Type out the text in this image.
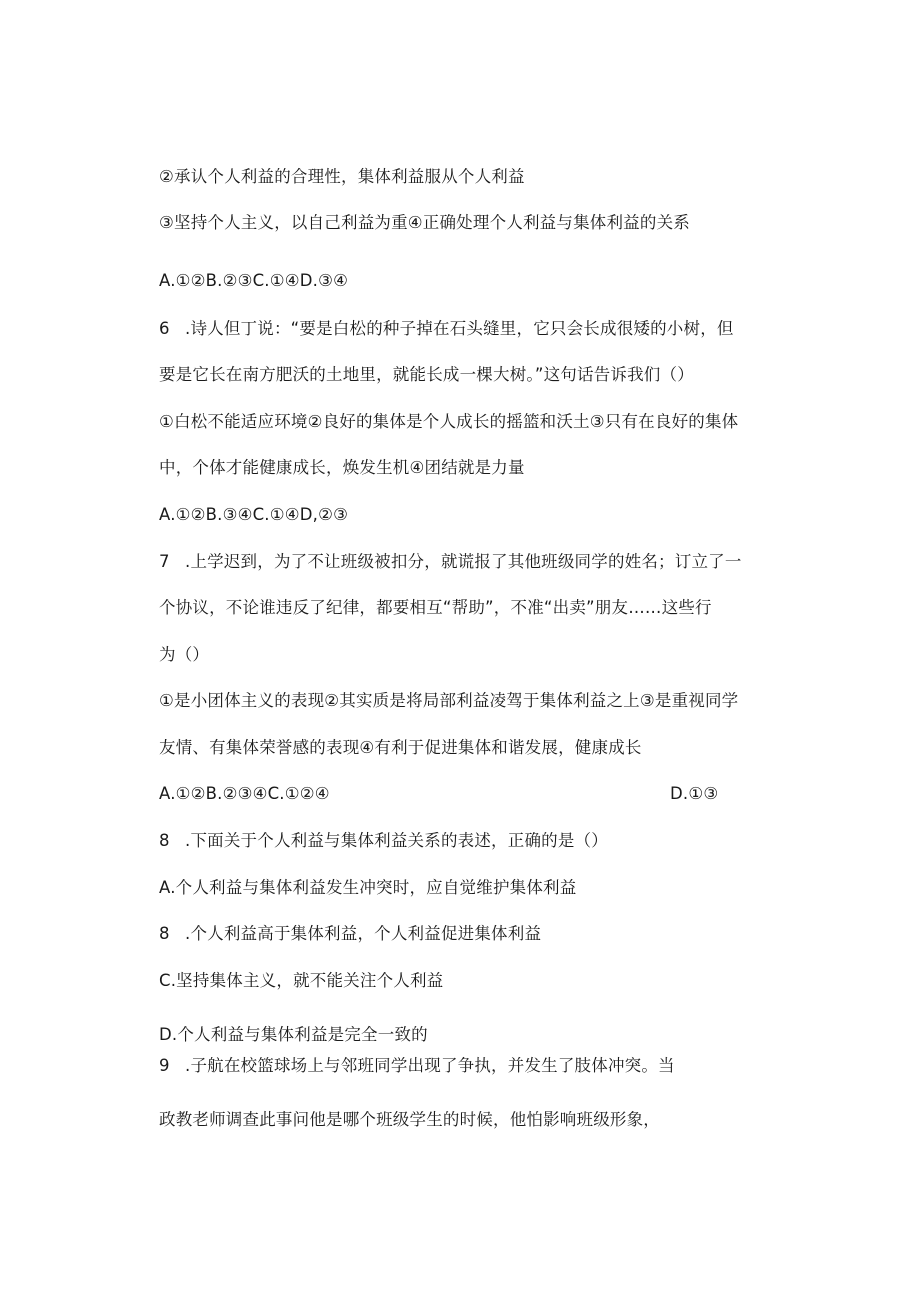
②承认个人利益的合理性，集体利益服从个人利益
③坚持个人主义，以自己利益为重④正确处理个人利益与集体利益的关系
A.①②B.②③C.①④D.③④
6 .诗人但丁说：“要是白松的种子掉在石头缝里，它只会长成很矮的小树，但
要是它长在南方肥沃的土地里，就能长成一棵大树。”这句话告诉我们（）
①白松不能适应环境②良好的集体是个人成长的摇篮和沃土③只有在良好的集体
中，个体才能健康成长，焕发生机④团结就是力量
A.①②B.③④C.①④D,②③
7 .上学迟到，为了不让班级被扣分，就谎报了其他班级同学的姓名；订立了一
个协议，不论谁违反了纪律，都要相互“帮助”，不准“出卖”朋友……这些行
为（）
①是小团体主义的表现②其实质是将局部利益凌驾于集体利益之上③是重视同学
友情、有集体荣誉感的表现④有利于促进集体和谐发展，健康成长
A.①②B.②③④C.①②④	D.①③
8 .下面关于个人利益与集体利益关系的表述，正确的是（）
A.个人利益与集体利益发生冲突时，应自觉维护集体利益
8 .个人利益高于集体利益，个人利益促进集体利益
C.坚持集体主义，就不能关注个人利益
D.个人利益与集体利益是完全一致的
9 .子航在校篮球场上与邻班同学出现了争执，并发生了肢体冲突。当
政教老师调查此事问他是哪个班级学生的时候，他怕影响班级形象，
